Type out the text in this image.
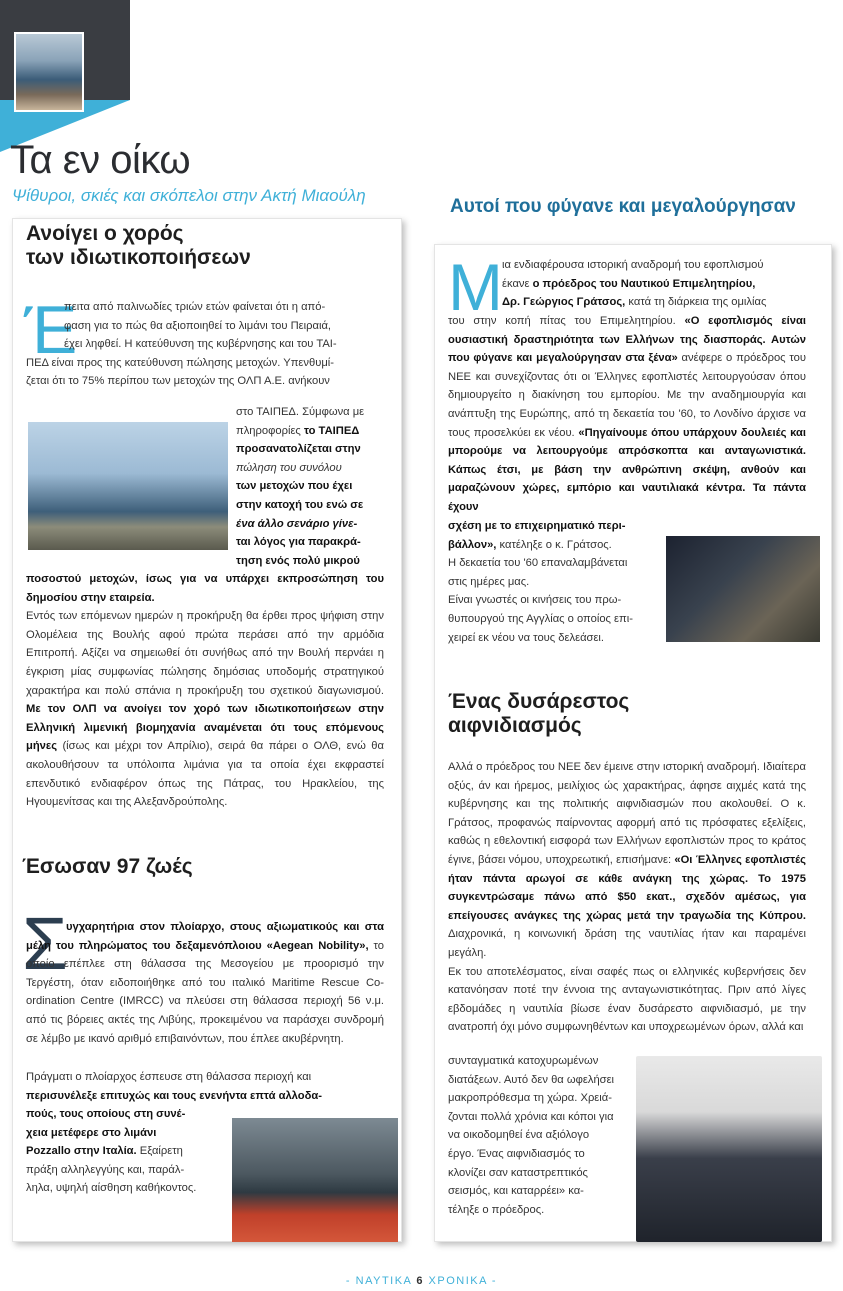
Τα εν οίκω
Ψίθυροι, σκιές και σκόπελοι στην Ακτή Μιαούλη
Ανοίγει ο χορός
των ιδιωτικοποιήσεων
Έ
πειτα από παλινωδίες τριών ετών φαίνεται ότι η από-
φαση για το πώς θα αξιοποιηθεί το λιμάνι του Πειραιά,
έχει ληφθεί. Η κατεύθυνση της κυβέρνησης και του ΤΑΙ-
ΠΕΔ είναι προς της κατεύθυνση πώλησης μετοχών. Υπενθυμί-
ζεται ότι το 75% περίπου των μετοχών της ΟΛΠ Α.Ε. ανήκουν
στο ΤΑΙΠΕΔ. Σύμφωνα με
πληροφορίες το ΤΑΙΠΕΔ
προσανατολίζεται στην
πώληση του συνόλου
των μετοχών που έχει
στην κατοχή του ενώ σε
ένα άλλο σενάριο γίνε-
ται λόγος για παρακρά-
τηση ενός πολύ μικρού
ποσοστού μετοχών, ίσως για να υπάρχει εκπροσώπηση του δημοσίου στην εταιρεία.
Εντός των επόμενων ημερών η προκήρυξη θα έρθει προς ψήφιση στην Ολομέλεια της Βουλής αφού πρώτα περάσει από την αρμόδια Επιτροπή. Αξίζει να σημειωθεί ότι συνήθως από την Βουλή περνάει η έγκριση μίας συμφωνίας πώλησης δημόσιας υποδομής στρατηγικού χαρακτήρα και πολύ σπάνια η προκήρυξη του σχετικού διαγωνισμού. Με τον ΟΛΠ να ανοίγει τον χορό των ιδιωτικοποιήσεων στην Ελληνική λιμενική βιομηχανία αναμένεται ότι τους επόμενους μήνες (ίσως και μέχρι τον Απρίλιο), σειρά θα πάρει ο ΟΛΘ, ενώ θα ακολουθήσουν τα υπόλοιπα λιμάνια για τα οποία έχει εκφραστεί επενδυτικό ενδιαφέρον όπως της Πάτρας, του Ηρακλείου, της Ηγουμενίτσας και της Αλεξανδρούπολης.
Έσωσαν 97 ζωές
Σ
υγχαρητήρια στον πλοίαρχο, στους αξιωματικούς και στα μέλη του πληρώματος του δεξαμενόπλοιου «Aegean Nobility», το οποίο επέπλεε στη θάλασσα της Μεσογείου με προορισμό την Τεργέστη, όταν ειδοποιήθηκε από του ιταλικό Maritime Rescue Co-ordination Centre (IMRCC) να πλεύσει στη θάλασσα περιοχή 56 ν.μ. από τις βόρειες ακτές της Λιβύης, προκειμένου να παράσχει συνδρομή σε λέμβο με ικανό αριθμό επιβαινόντων, που έπλεε ακυβέρνητη.
Πράγματι ο πλοίαρχος έσπευσε στη θάλασσα περιοχή και
περισυνέλεξε επιτυχώς και τους ενενήντα επτά αλλοδα-
πούς, τους οποίους στη συνέ-
χεια μετέφερε στο λιμάνι
Pozzallo στην Ιταλία. Εξαίρετη
πράξη αλληλεγγύης και, παράλ-
ληλα, υψηλή αίσθηση καθήκοντος.
Αυτοί που φύγανε και μεγαλούργησαν
Μ ια ενδιαφέρουσα ιστορική αναδρομή του εφοπλισμού
έκανε ο πρόεδρος του Ναυτικού Επιμελητηρίου,
Δρ. Γεώργιος Γράτσος, κατά τη διάρκεια της ομιλίας
του στην κοπή πίτας του Επιμελητηρίου. «Ο εφοπλισμός είναι ουσιαστική δραστηριότητα των Ελλήνων της διασποράς. Αυτών που φύγανε και μεγαλούργησαν στα ξένα» ανέφερε ο πρόεδρος του ΝΕΕ και συνεχίζοντας ότι οι Έλληνες εφοπλιστές λειτουργούσαν όπου δημιουργείτο η διακίνηση του εμπορίου. Με την αναδημιουργία και ανάπτυξη της Ευρώπης, από τη δεκαετία του '60, το Λονδίνο άρχισε να τους προσελκύει εκ νέου. «Πηγαίνουμε όπου υπάρχουν δουλειές και μπορούμε να λειτουργούμε απρόσκοπτα και ανταγωνιστικά. Κάπως έτσι, με βάση την ανθρώπινη σκέψη, ανθούν και μαραζώνουν χώρες, εμπόριο και ναυτιλιακά κέντρα. Τα πάντα έχουν
σχέση με το επιχειρηματικό περι-
βάλλον», κατέληξε ο κ. Γράτσος.
Η δεκαετία του '60 επαναλαμβάνεται
στις ημέρες μας.
Είναι γνωστές οι κινήσεις του πρω-
θυπουργού της Αγγλίας ο οποίος επι-
χειρεί εκ νέου να τους δελεάσει.
Ένας δυσάρεστος
αιφνιδιασμός
Αλλά ο πρόεδρος του ΝΕΕ δεν έμεινε στην ιστορική αναδρομή. Ιδιαίτερα οξύς, άν και ήρεμος, μειλίχιος ώς χαρακτήρας, άφησε αιχμές κατά της κυβέρνησης και της πολιτικής αιφνιδιασμών που ακολουθεί. Ο κ. Γράτσος, προφανώς παίρνοντας αφορμή από τις πρόσφατες εξελίξεις, καθώς η εθελοντική εισφορά των Ελλήνων εφοπλιστών προς το κράτος έγινε, βάσει νόμου, υποχρεωτική, επισήμανε: «Οι Έλληνες εφοπλιστές ήταν πάντα αρωγοί σε κάθε ανάγκη της χώρας. Το 1975 συγκεντρώσαμε πάνω από $50 εκατ., σχεδόν αμέσως, για επείγουσες ανάγκες της χώρας μετά την τραγωδία της Κύπρου. Διαχρονικά, η κοινωνική δράση της ναυτιλίας ήταν και παραμένει μεγάλη.
Εκ του αποτελέσματος, είναι σαφές πως οι ελληνικές κυβερνήσεις δεν κατανόησαν ποτέ την έννοια της ανταγωνιστικότητας. Πριν από λίγες εβδομάδες η ναυτιλία βίωσε έναν δυσάρεστο αιφνιδιασμό, με την ανατροπή όχι μόνο συμφωνηθέντων και υποχρεωμένων όρων, αλλά και
συνταγματικά κατοχυρωμένων
διατάξεων. Αυτό δεν θα ωφελήσει
μακροπρόθεσμα τη χώρα. Χρειά-
ζονται πολλά χρόνια και κόποι για
να οικοδομηθεί ένα αξιόλογο
έργο. Ένας αιφνιδιασμός το
κλονίζει σαν καταστρεπτικός
σεισμός, και καταρρέει» κα-
τέληξε ο πρόεδρος.
- ΝΑΥΤΙΚΑ 6 ΧΡΟΝΙΚΑ -
